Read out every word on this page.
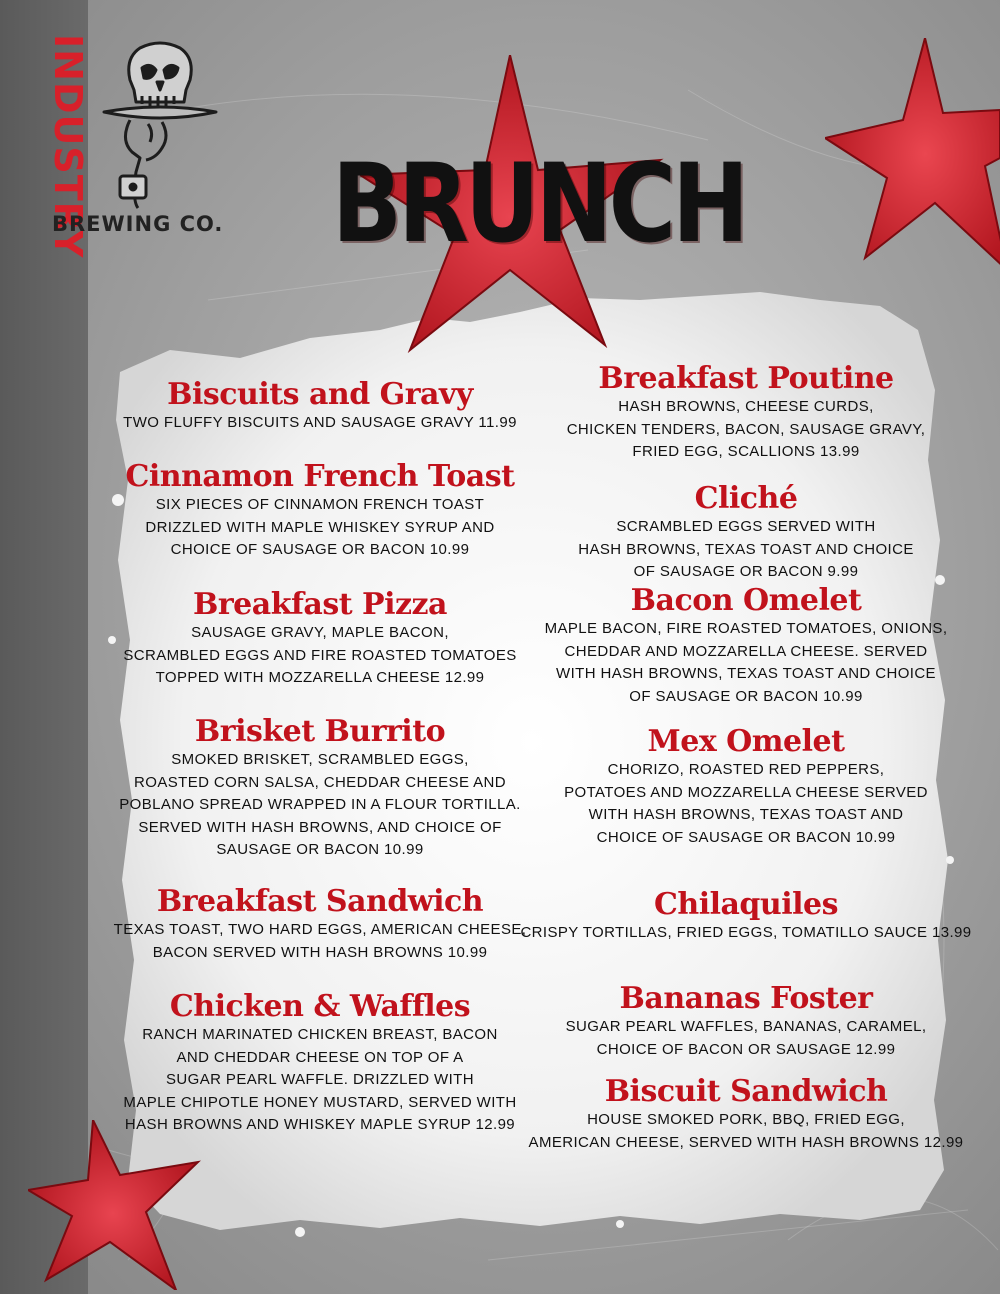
INDUSTRY
BREWING CO. BRUNCH
Biscuits and Gravy
TWO FLUFFY BISCUITS AND SAUSAGE GRAVY 11.99
Cinnamon French Toast
SIX PIECES OF CINNAMON FRENCH TOAST
DRIZZLED WITH MAPLE WHISKEY SYRUP AND
CHOICE OF SAUSAGE OR BACON 10.99
Breakfast Pizza
SAUSAGE GRAVY, MAPLE BACON,
SCRAMBLED EGGS AND FIRE ROASTED TOMATOES
TOPPED WITH MOZZARELLA CHEESE 12.99
Brisket Burrito
SMOKED BRISKET, SCRAMBLED EGGS,
ROASTED CORN SALSA, CHEDDAR CHEESE AND
POBLANO SPREAD WRAPPED IN A FLOUR TORTILLA.
SERVED WITH HASH BROWNS, AND CHOICE OF
SAUSAGE OR BACON 10.99
Breakfast Sandwich
TEXAS TOAST, TWO HARD EGGS, AMERICAN CHEESE,
BACON SERVED WITH HASH BROWNS 10.99
Chicken & Waffles
RANCH MARINATED CHICKEN BREAST, BACON
AND CHEDDAR CHEESE ON TOP OF A
SUGAR PEARL WAFFLE. DRIZZLED WITH
MAPLE CHIPOTLE HONEY MUSTARD, SERVED WITH
HASH BROWNS AND WHISKEY MAPLE SYRUP 12.99
Breakfast Poutine
HASH BROWNS, CHEESE CURDS,
CHICKEN TENDERS, BACON, SAUSAGE GRAVY,
FRIED EGG, SCALLIONS 13.99
Cliché
SCRAMBLED EGGS SERVED WITH
HASH BROWNS, TEXAS TOAST AND CHOICE
OF SAUSAGE OR BACON 9.99
Bacon Omelet
MAPLE BACON, FIRE ROASTED TOMATOES, ONIONS,
CHEDDAR AND MOZZARELLA CHEESE. SERVED
WITH HASH BROWNS, TEXAS TOAST AND CHOICE
OF SAUSAGE OR BACON 10.99
Mex Omelet
CHORIZO, ROASTED RED PEPPERS,
POTATOES AND MOZZARELLA CHEESE SERVED
WITH HASH BROWNS, TEXAS TOAST AND
CHOICE OF SAUSAGE OR BACON 10.99
Chilaquiles
CRISPY TORTILLAS, FRIED EGGS, TOMATILLO SAUCE 13.99
Bananas Foster
SUGAR PEARL WAFFLES, BANANAS, CARAMEL,
CHOICE OF BACON OR SAUSAGE 12.99
Biscuit Sandwich
HOUSE SMOKED PORK, BBQ, FRIED EGG,
AMERICAN CHEESE, SERVED WITH HASH BROWNS 12.99
